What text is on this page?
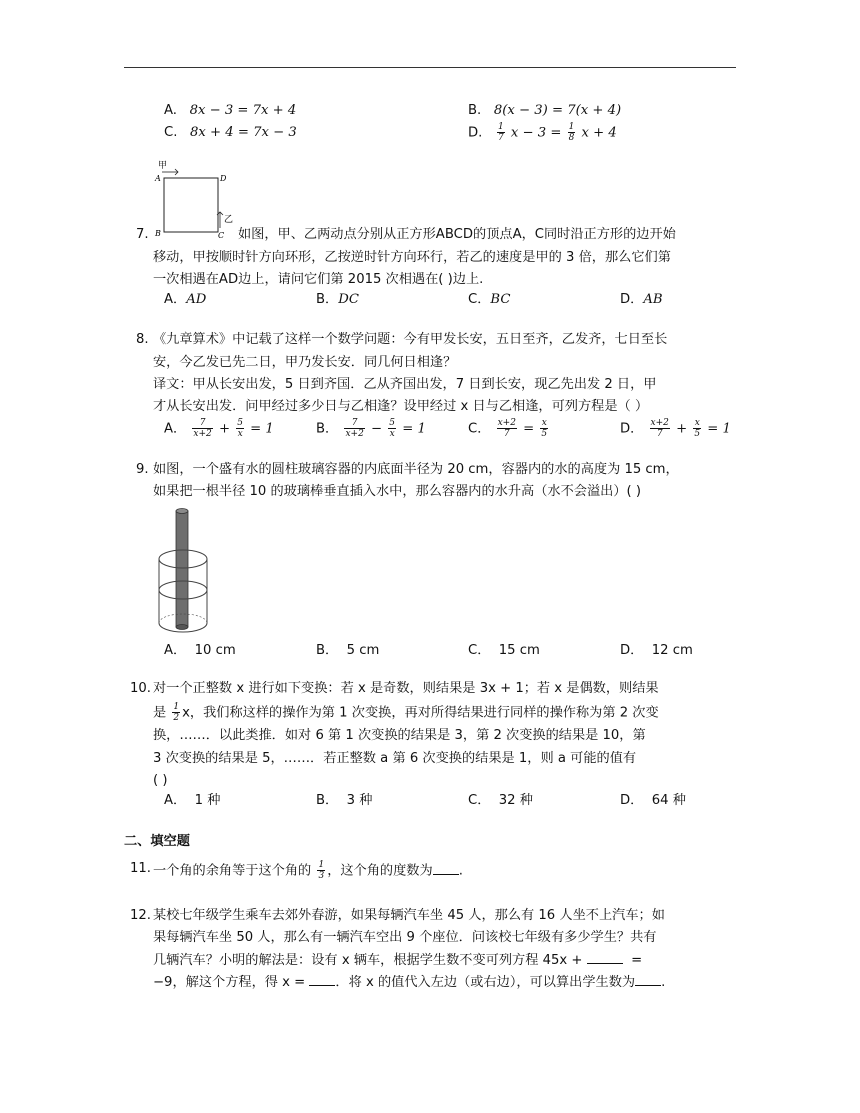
A. 8x − 3 = 7x + 4	B. 8(x − 3) = 7(x + 4)
C. 8x + 4 = 7x − 3	D. $\frac{1}{7}$ $x - 3 = \frac{1}{8}$ x + 4
甲
A	D
B	C
乙
7.	如图，甲、乙两动点分别从正方形ABCD的顶点A，C同时沿正方形的边开始
移动，甲按顺时针方向环形，乙按逆时针方向环行，若乙的速度是甲的 3 倍，那么它们第
一次相遇在AD边上，请问它们第 2015 次相遇在( )边上.
A．AD	B．DC	C．BC	D．AB
8. 《九章算术》中记载了这样一个数学问题：今有甲发长安，五日至齐，乙发齐，七日至长
安，今乙发已先二日，甲乃发长安．同几何日相逢？
译文：甲从长安出发，5 日到齐国．乙从齐国出发，7 日到长安，现乙先出发 2 日，甲
才从长安出发．问甲经过多少日与乙相逢？设甲经过 x 日与乙相逢，可列方程是（ ）
A． $\frac{7}{x+2} + \frac{5}{x} = 1$	B． $\frac{7}{x+2} - \frac{5}{x} = 1$	C． $\frac{x+2}{7} = \frac{x}{5}$	D． $\frac{x+2}{7} + \frac{x}{5} = 1$
9. 如图，一个盛有水的圆柱玻璃容器的内底面半径为 20 cm，容器内的水的高度为 15 cm，
如果把一根半径 10 的玻璃棒垂直插入水中，那么容器内的水升高（水不会溢出）( )
A． 10 cm	B． 5 cm	C． 15 cm	D． 12 cm
10. 对一个正整数 x 进行如下变换：若 x 是奇数，则结果是 3x + 1；若 x 是偶数，则结果
是 $\frac{1}{2}$ x，我们称这样的操作为第 1 次变换，再对所得结果进行同样的操作称为第 2 次变
换，……．以此类推．如对 6 第 1 次变换的结果是 3，第 2 次变换的结果是 10，第
3 次变换的结果是 5，……．若正整数 a 第 6 次变换的结果是 1，则 a 可能的值有
( )
A． 1 种	B． 3 种	C． 32 种	D． 64 种
二、填空题
11. 一个角的余角等于这个角的 $\frac{1}{3}$ ，这个角的度数为 .
12. 某校七年级学生乘车去郊外春游，如果每辆汽车坐 45 人，那么有 16 人坐不上汽车；如
果每辆汽车坐 50 人，那么有一辆汽车空出 9 个座位．问该校七年级有多少学生？共有
几辆汽车？小明的解法是：设有 x 辆车，根据学生数不变可列方程 45x +	=
−9，解这个方程，得 x = ．将 x 的值代入左边（或右边），可以算出学生数为 .
